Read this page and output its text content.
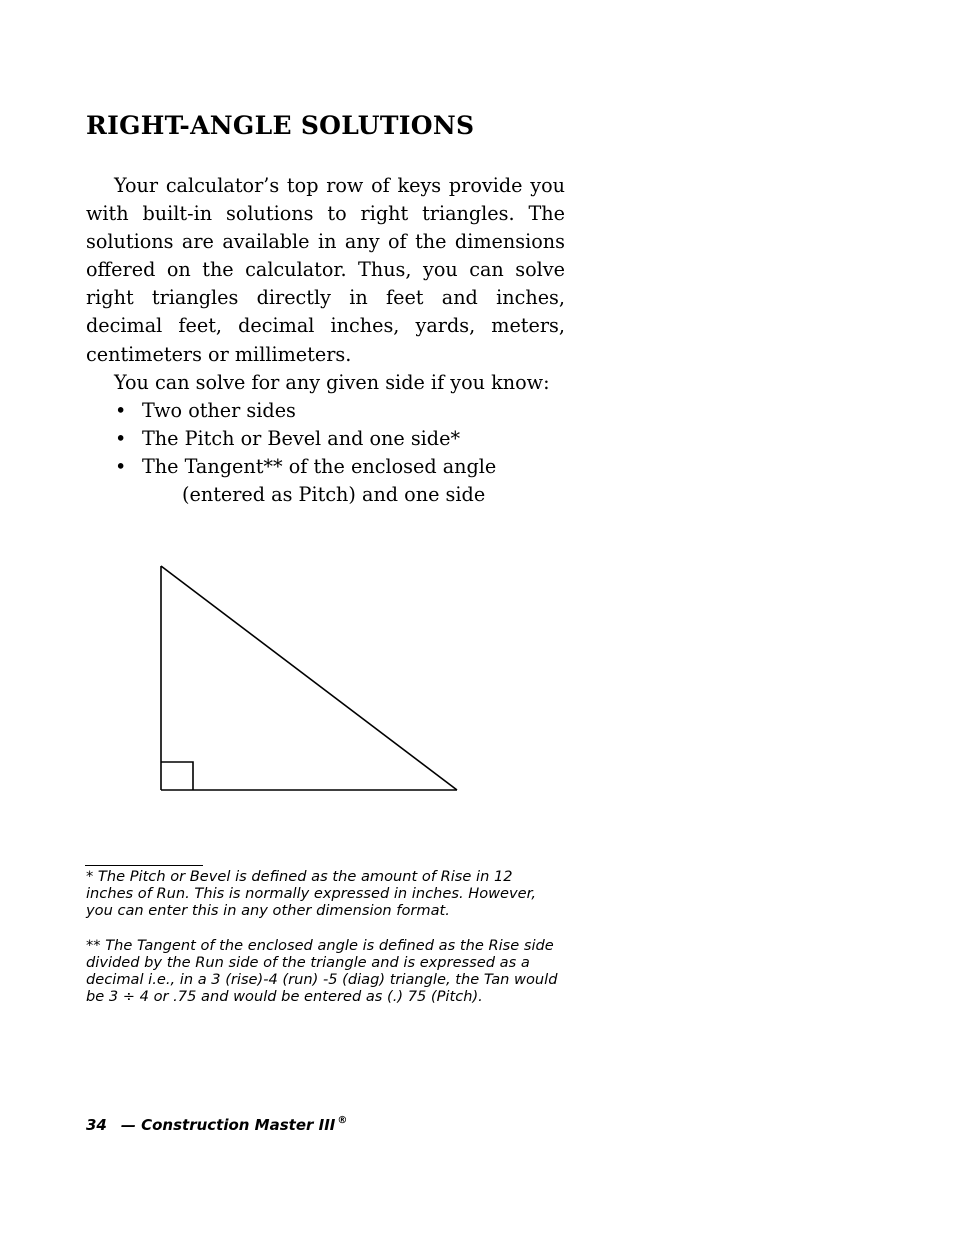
RIGHT-ANGLE SOLUTIONS

Your calculator’s top row of keys provide you with built-in solutions to right triangles. The solutions are available in any of the dimensions offered on the calculator. Thus, you can solve right triangles directly in feet and inches, decimal feet, decimal inches, yards, meters, centimeters or millimeters.

You can solve for any given side if you know:

• Two other sides
• The Pitch or Bevel and one side*
• The Tangent** of the enclosed angle
(entered as Pitch) and one side

* The Pitch or Bevel is defined as the amount of Rise in 12 inches of Run. This is normally expressed in inches. However, you can enter this in any other dimension format.

** The Tangent of the enclosed angle is defined as the Rise side divided by the Run side of the triangle and is expressed as a decimal i.e., in a 3 (rise)-4 (run) -5 (diag) triangle, the Tan would be 3 ÷ 4 or .75 and would be entered as (.) 75 (Pitch).

34 — Construction Master III ®
